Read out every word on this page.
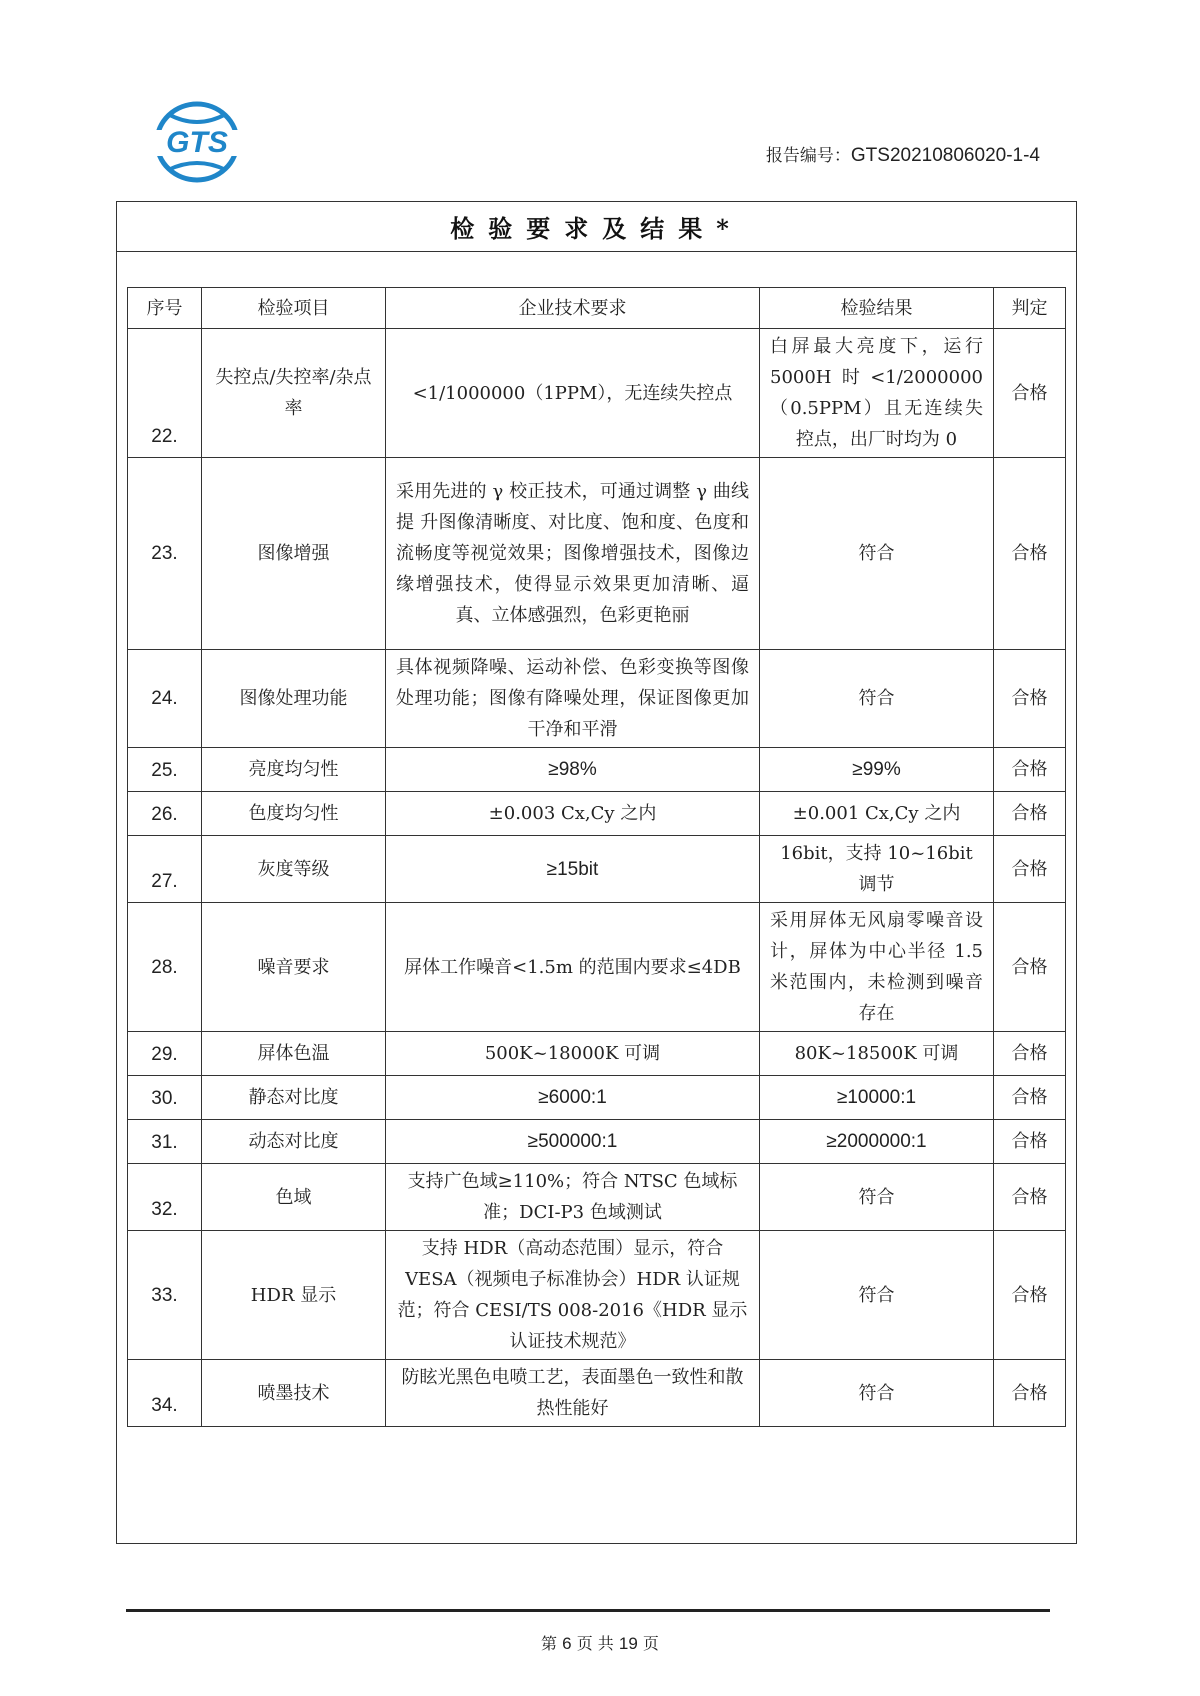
GTS	报告编号：GTS20210806020-1-4
检验要求及结果*
序号	检验项目	企业技术要求	检验结果	判定
22.	失控点/失控率/杂点率	<1/1000000（1PPM），无连续失控点	白屏最大亮度下，运行5000H时<1/2000000（0.5PPM）且无连续失控点，出厂时均为 0	合格
23.	图像增强	采用先进的 γ 校正技术，可通过调整 γ 曲线提 升图像清晰度、对比度、饱和度、色度和流畅度等视觉效果；图像增强技术，图像边缘增强技术，使得显示效果更加清晰、逼真、立体感强烈，色彩更艳丽	符合	合格
24.	图像处理功能	具体视频降噪、运动补偿、色彩变换等图像处理功能；图像有降噪处理，保证图像更加干净和平滑	符合	合格
25.	亮度均匀性	≥98%	≥99%	合格
26.	色度均匀性	±0.003 Cx,Cy 之内	±0.001 Cx,Cy 之内	合格
27.	灰度等级	≥15bit	16bit，支持 10~16bit 调节	合格
28.	噪音要求	屏体工作噪音<1.5m 的范围内要求≤4DB	采用屏体无风扇零噪音设计，屏体为中心半径 1.5 米范围内，未检测到噪音存在	合格
29.	屏体色温	500K~18000K 可调	80K~18500K 可调	合格
30.	静态对比度	≥6000:1	≥10000:1	合格
31.	动态对比度	≥500000:1	≥2000000:1	合格
32.	色域	支持广色域≥110%；符合 NTSC 色域标准；DCI-P3 色域测试	符合	合格
33.	HDR 显示	支持 HDR（高动态范围）显示，符合 VESA（视频电子标准协会）HDR 认证规范；符合 CESI/TS 008-2016《HDR 显示认证技术规范》	符合	合格
34.	喷墨技术	防眩光黑色电喷工艺，表面墨色一致性和散热性能好	符合	合格
第 6 页 共 19 页
